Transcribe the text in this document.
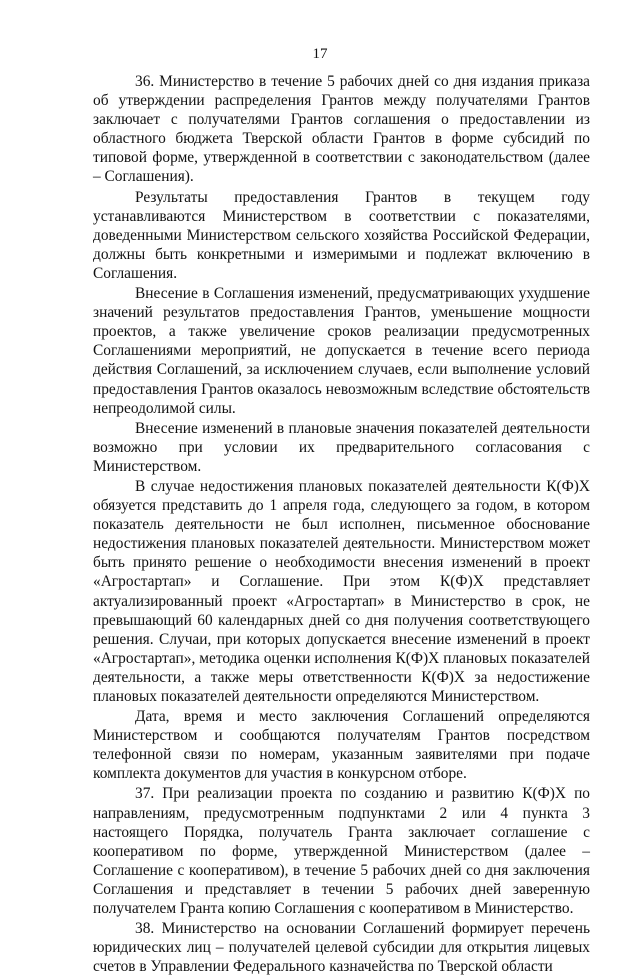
17

36. Министерство в течение 5 рабочих дней со дня издания приказа об утверждении распределения Грантов между получателями Грантов заключает с получателями Грантов соглашения о предоставлении из областного бюджета Тверской области Грантов в форме субсидий по типовой форме, утвержденной в соответствии с законодательством (далее – Соглашения).

Результаты предоставления Грантов в текущем году устанавливаются Министерством в соответствии с показателями, доведенными Министерством сельского хозяйства Российской Федерации, должны быть конкретными и измеримыми и подлежат включению в Соглашения.

Внесение в Соглашения изменений, предусматривающих ухудшение значений результатов предоставления Грантов, уменьшение мощности проектов, а также увеличение сроков реализации предусмотренных Соглашениями мероприятий, не допускается в течение всего периода действия Соглашений, за исключением случаев, если выполнение условий предоставления Грантов оказалось невозможным вследствие обстоятельств непреодолимой силы.

Внесение изменений в плановые значения показателей деятельности возможно при условии их предварительного согласования с Министерством.

В случае недостижения плановых показателей деятельности К(Ф)Х обязуется представить до 1 апреля года, следующего за годом, в котором показатель деятельности не был исполнен, письменное обоснование недостижения плановых показателей деятельности. Министерством может быть принято решение о необходимости внесения изменений в проект «Агростартап» и Соглашение. При этом К(Ф)Х представляет актуализированный проект «Агростартап» в Министерство в срок, не превышающий 60 календарных дней со дня получения соответствующего решения. Случаи, при которых допускается внесение изменений в проект «Агростартап», методика оценки исполнения К(Ф)Х плановых показателей деятельности, а также меры ответственности К(Ф)Х за недостижение плановых показателей деятельности определяются Министерством.

Дата, время и место заключения Соглашений определяются Министерством и сообщаются получателям Грантов посредством телефонной связи по номерам, указанным заявителями при подаче комплекта документов для участия в конкурсном отборе.

37. При реализации проекта по созданию и развитию К(Ф)Х по направлениям, предусмотренным подпунктами 2 или 4 пункта 3 настоящего Порядка, получатель Гранта заключает соглашение с кооперативом по форме, утвержденной Министерством (далее – Соглашение с кооперативом), в течение 5 рабочих дней со дня заключения Соглашения и представляет в течении 5 рабочих дней заверенную получателем Гранта копию Соглашения с кооперативом в Министерство.

38. Министерство на основании Соглашений формирует перечень юридических лиц – получателей целевой субсидии для открытия лицевых счетов в Управлении Федерального казначейства по Тверской области
